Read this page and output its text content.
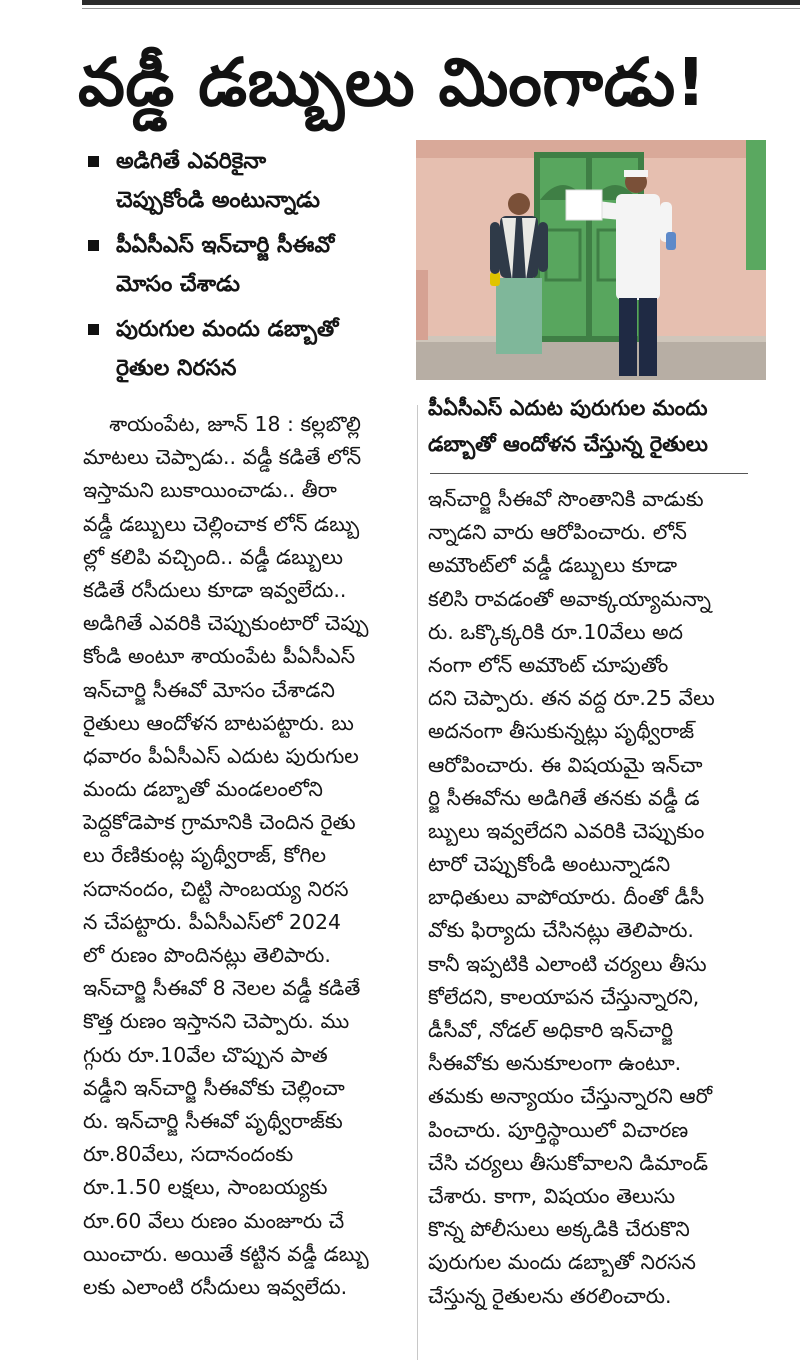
వడ్డీ డబ్బులు మింగాడు!
అడిగితే ఎవరికైనా
చెప్పుకోండి అంటున్నాడు
పీఏసీఎస్ ఇన్‌చార్జి సీఈవో
మోసం చేశాడు
పురుగుల మందు డబ్బాతో
రైతుల నిరసన
పీఏసీఎస్ ఎదుట పురుగుల మందు
డబ్బాతో ఆందోళన చేస్తున్న రైతులు
శాయంపేట, జూన్ 18 : కల్లబొల్లి
మాటలు చెప్పాడు.. వడ్డీ కడితే లోన్
ఇస్తామని బుకాయించాడు.. తీరా
వడ్డీ డబ్బులు చెల్లించాక లోన్ డబ్బు
ల్లో కలిపి వచ్చింది.. వడ్డీ డబ్బులు
కడితే రసీదులు కూడా ఇవ్వలేదు..
అడిగితే ఎవరికి చెప్పుకుంటారో చెప్పు
కోండి అంటూ శాయంపేట పీఏసీఎస్
ఇన్‌చార్జి సీఈవో మోసం చేశాడని
రైతులు ఆందోళన బాటపట్టారు. బు
ధవారం పీఏసీఎస్ ఎదుట పురుగుల
మందు డబ్బాతో మండలంలోని
పెద్దకోడెపాక గ్రామానికి చెందిన రైతు
లు రేణికుంట్ల పృథ్వీరాజ్, కోగిల
సదానందం, చిట్టి సాంబయ్య నిరస
న చేపట్టారు. పీఏసీఎస్‌లో 2024
లో రుణం పొందినట్లు తెలిపారు.
ఇన్‌చార్జి సీఈవో 8 నెలల వడ్డీ కడితే
కొత్త రుణం ఇస్తానని చెప్పారు. ము
గ్గురు రూ.10వేల చొప్పున పాత
వడ్డీని ఇన్‌చార్జి సీఈవోకు చెల్లించా
రు. ఇన్‌చార్జి సీఈవో పృథ్వీరాజ్‌కు
రూ.80వేలు, సదానందంకు
రూ.1.50 లక్షలు, సాంబయ్యకు
రూ.60 వేలు రుణం మంజూరు చే
యించారు. అయితే కట్టిన వడ్డీ డబ్బు
లకు ఎలాంటి రసీదులు ఇవ్వలేదు.
ఇన్‌చార్జి సీఈవో సొంతానికి వాడుకు
న్నాడని వారు ఆరోపించారు. లోన్
అమౌంట్‌లో వడ్డీ డబ్బులు కూడా
కలిసి రావడంతో అవాక్కయ్యామన్నా
రు. ఒక్కొక్కరికి రూ.10వేలు అద
నంగా లోన్ అమౌంట్ చూపుతోం
దని చెప్పారు. తన వద్ద రూ.25 వేలు
అదనంగా తీసుకున్నట్లు పృథ్వీరాజ్
ఆరోపించారు. ఈ విషయమై ఇన్‌చా
ర్జి సీఈవోను అడిగితే తనకు వడ్డీ డ
బ్బులు ఇవ్వలేదని ఎవరికి చెప్పుకుం
టారో చెప్పుకోండి అంటున్నాడని
బాధితులు వాపోయారు. దీంతో డీసీ
వోకు ఫిర్యాదు చేసినట్లు తెలిపారు.
కానీ ఇప్పటికి ఎలాంటి చర్యలు తీసు
కోలేదని, కాలయాపన చేస్తున్నారని,
డీసీవో, నోడల్ అధికారి ఇన్‌చార్జి
సీఈవోకు అనుకూలంగా ఉంటూ.
తమకు అన్యాయం చేస్తున్నారని ఆరో
పించారు. పూర్తిస్థాయిలో విచారణ
చేసి చర్యలు తీసుకోవాలని డిమాండ్
చేశారు. కాగా, విషయం తెలుసు
కొన్న పోలీసులు అక్కడికి చేరుకొని
పురుగుల మందు డబ్బాతో నిరసన
చేస్తున్న రైతులను తరలించారు.
